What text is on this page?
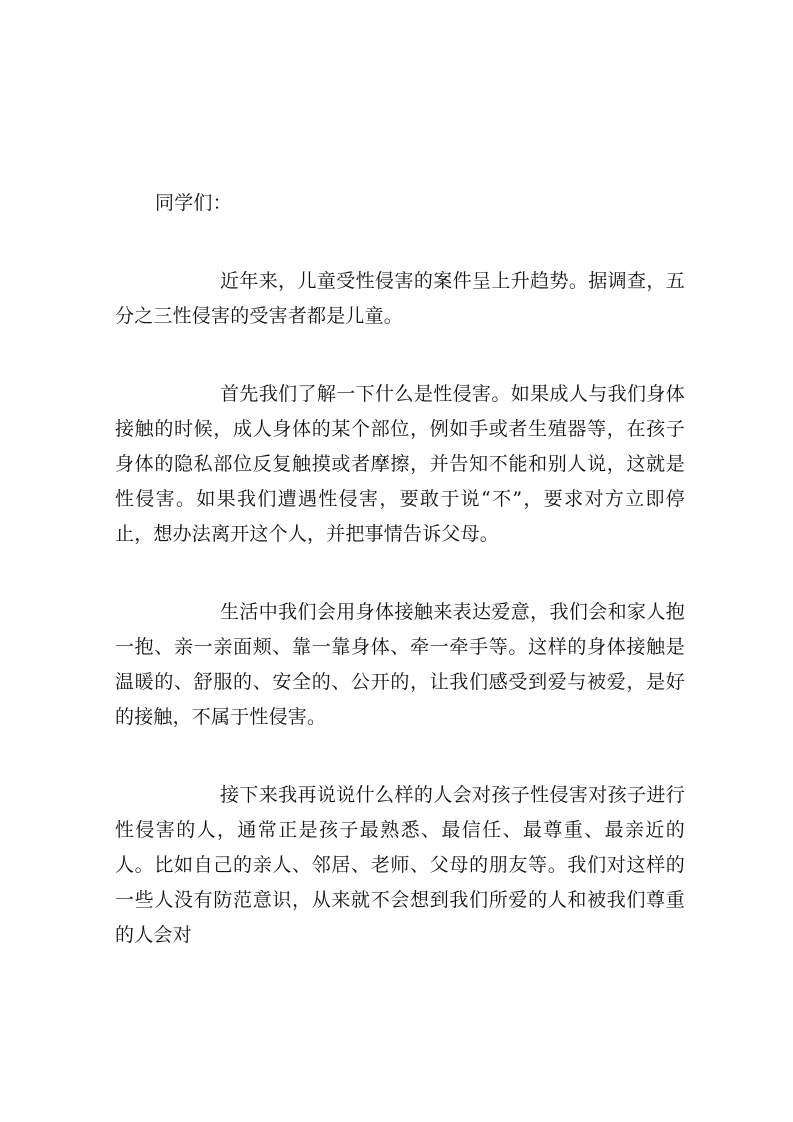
同学们：

近年来，儿童受性侵害的案件呈上升趋势。据调查，五分之三性侵害的受害者都是儿童。

首先我们了解一下什么是性侵害。如果成人与我们身体接触的时候，成人身体的某个部位，例如手或者生殖器等，在孩子身体的隐私部位反复触摸或者摩擦，并告知不能和别人说，这就是性侵害。如果我们遭遇性侵害，要敢于说“不”，要求对方立即停止，想办法离开这个人，并把事情告诉父母。

生活中我们会用身体接触来表达爱意，我们会和家人抱一抱、亲一亲面颊、靠一靠身体、牵一牵手等。这样的身体接触是温暖的、舒服的、安全的、公开的，让我们感受到爱与被爱，是好的接触，不属于性侵害。

接下来我再说说什么样的人会对孩子性侵害对孩子进行性侵害的人，通常正是孩子最熟悉、最信任、最尊重、最亲近的人。比如自己的亲人、邻居、老师、父母的朋友等。我们对这样的一些人没有防范意识，从来就不会想到我们所爱的人和被我们尊重的人会对
